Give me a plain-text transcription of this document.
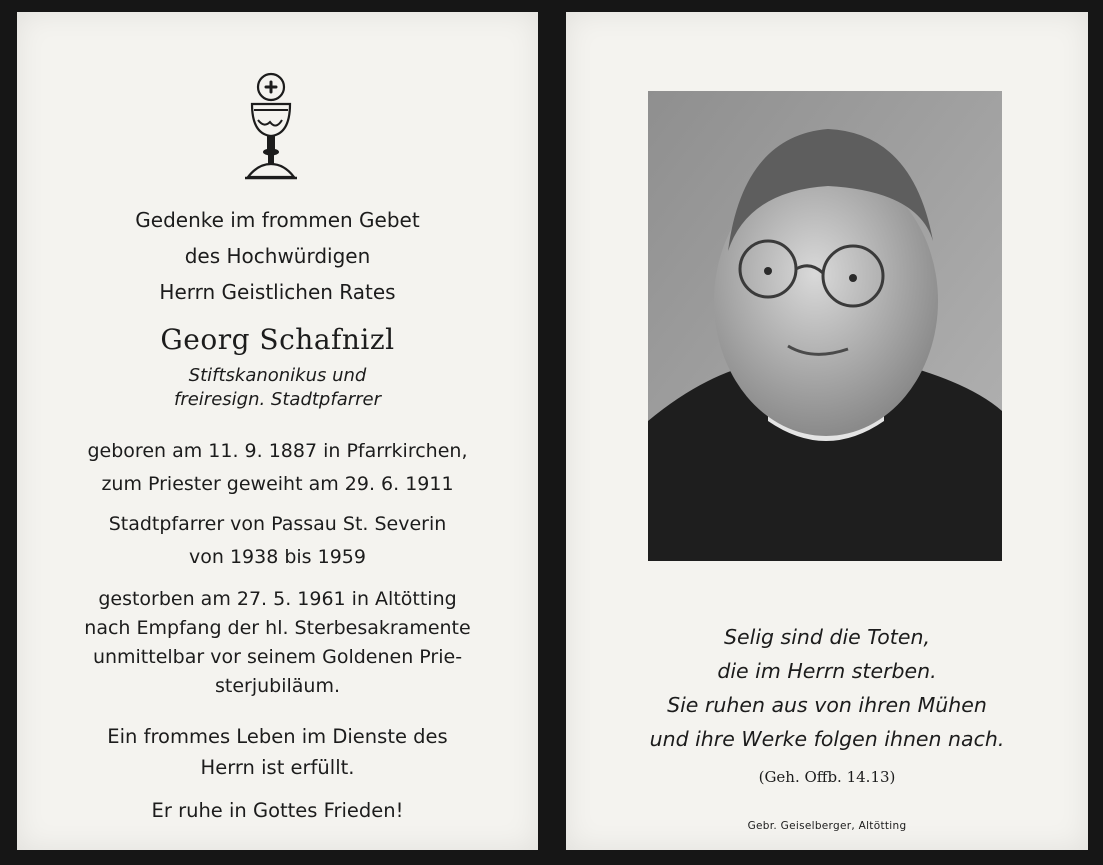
Gedenke im frommen Gebet
des Hochwürdigen
Herrn Geistlichen Rates
Georg Schafnizl
Stiftskanonikus und
freiresign. Stadtpfarrer
geboren am 11. 9. 1887 in Pfarrkirchen,
zum Priester geweiht am 29. 6. 1911
Stadtpfarrer von Passau St. Severin
von 1938 bis 1959
gestorben am 27. 5. 1961 in Altötting
nach Empfang der hl. Sterbesakramente
unmittelbar vor seinem Goldenen Prie-
sterjubiläum.
Ein frommes Leben im Dienste des
Herrn ist erfüllt.
Er ruhe in Gottes Frieden!
Selig sind die Toten,
die im Herrn sterben.
Sie ruhen aus von ihren Mühen
und ihre Werke folgen ihnen nach.
(Geh. Offb. 14.13)
Gebr. Geiselberger, Altötting
